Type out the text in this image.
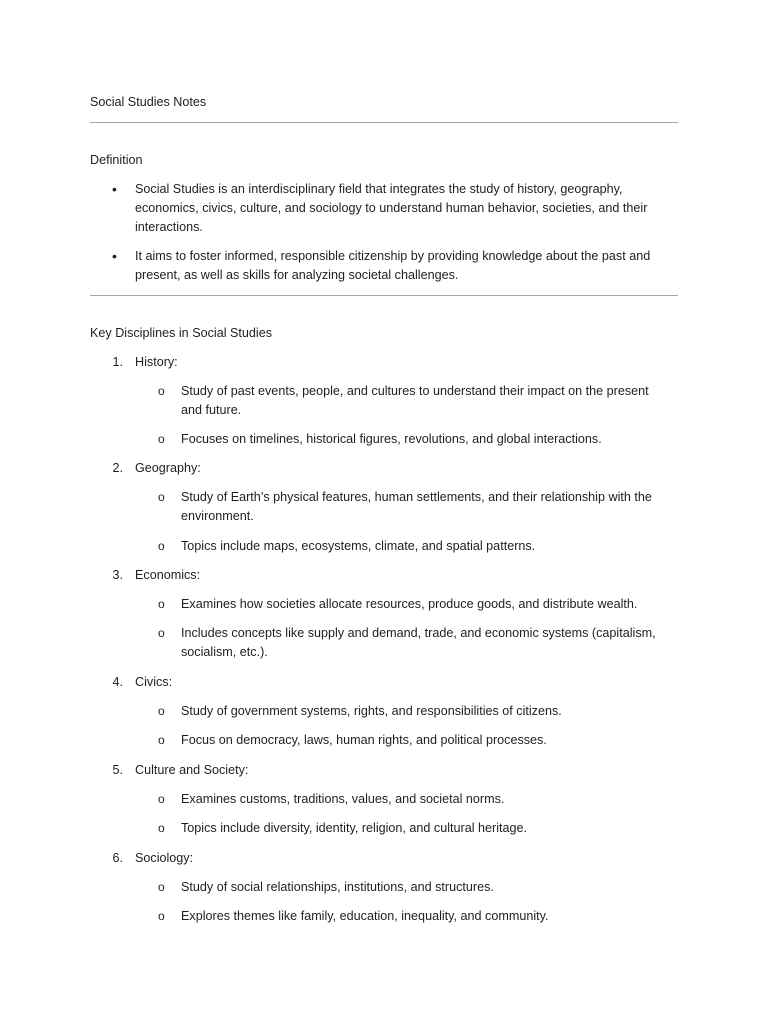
Social Studies Notes
Definition
• Social Studies is an interdisciplinary field that integrates the study of history, geography,
economics, civics, culture, and sociology to understand human behavior, societies, and their
interactions.
• It aims to foster informed, responsible citizenship by providing knowledge about the past and
present, as well as skills for analyzing societal challenges.
Key Disciplines in Social Studies
1. History:
o Study of past events, people, and cultures to understand their impact on the present
and future.
o Focuses on timelines, historical figures, revolutions, and global interactions.
2. Geography:
o Study of Earth’s physical features, human settlements, and their relationship with the
environment.
o Topics include maps, ecosystems, climate, and spatial patterns.
3. Economics:
o Examines how societies allocate resources, produce goods, and distribute wealth.
o Includes concepts like supply and demand, trade, and economic systems (capitalism,
socialism, etc.).
4. Civics:
o Study of government systems, rights, and responsibilities of citizens.
o Focus on democracy, laws, human rights, and political processes.
5. Culture and Society:
o Examines customs, traditions, values, and societal norms.
o Topics include diversity, identity, religion, and cultural heritage.
6. Sociology:
o Study of social relationships, institutions, and structures.
o Explores themes like family, education, inequality, and community.
